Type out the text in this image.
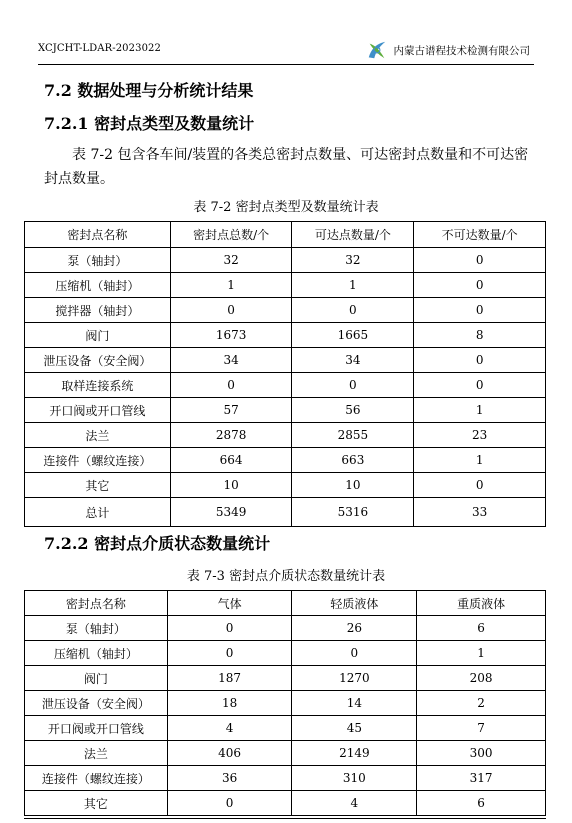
XCJCHT-LDAR-2023022	内蒙古谱程技术检测有限公司
7.2 数据处理与分析统计结果
7.2.1 密封点类型及数量统计

表 7-2 包含各车间/装置的各类总密封点数量、可达密封点数量和不可达密封点数量。

表 7-2 密封点类型及数量统计表
密封点名称	密封点总数/个	可达点数量/个	不可达数量/个
泵（轴封）	32	32	0
压缩机（轴封）	1	1	0
搅拌器（轴封）	0	0	0
阀门	1673	1665	8
泄压设备（安全阀）	34	34	0
取样连接系统	0	0	0
开口阀或开口管线	57	56	1
法兰	2878	2855	23
连接件（螺纹连接）	664	663	1
其它	10	10	0
总计	5349	5316	33
7.2.2 密封点介质状态数量统计
表 7-3 密封点介质状态数量统计表
密封点名称	气体	轻质液体	重质液体
泵（轴封）	0	26	6
压缩机（轴封）	0	0	1
阀门	187	1270	208
泄压设备（安全阀）	18	14	2
开口阀或开口管线	4	45	7
法兰	406	2149	300
连接件（螺纹连接）	36	310	317
其它	0	4	6
